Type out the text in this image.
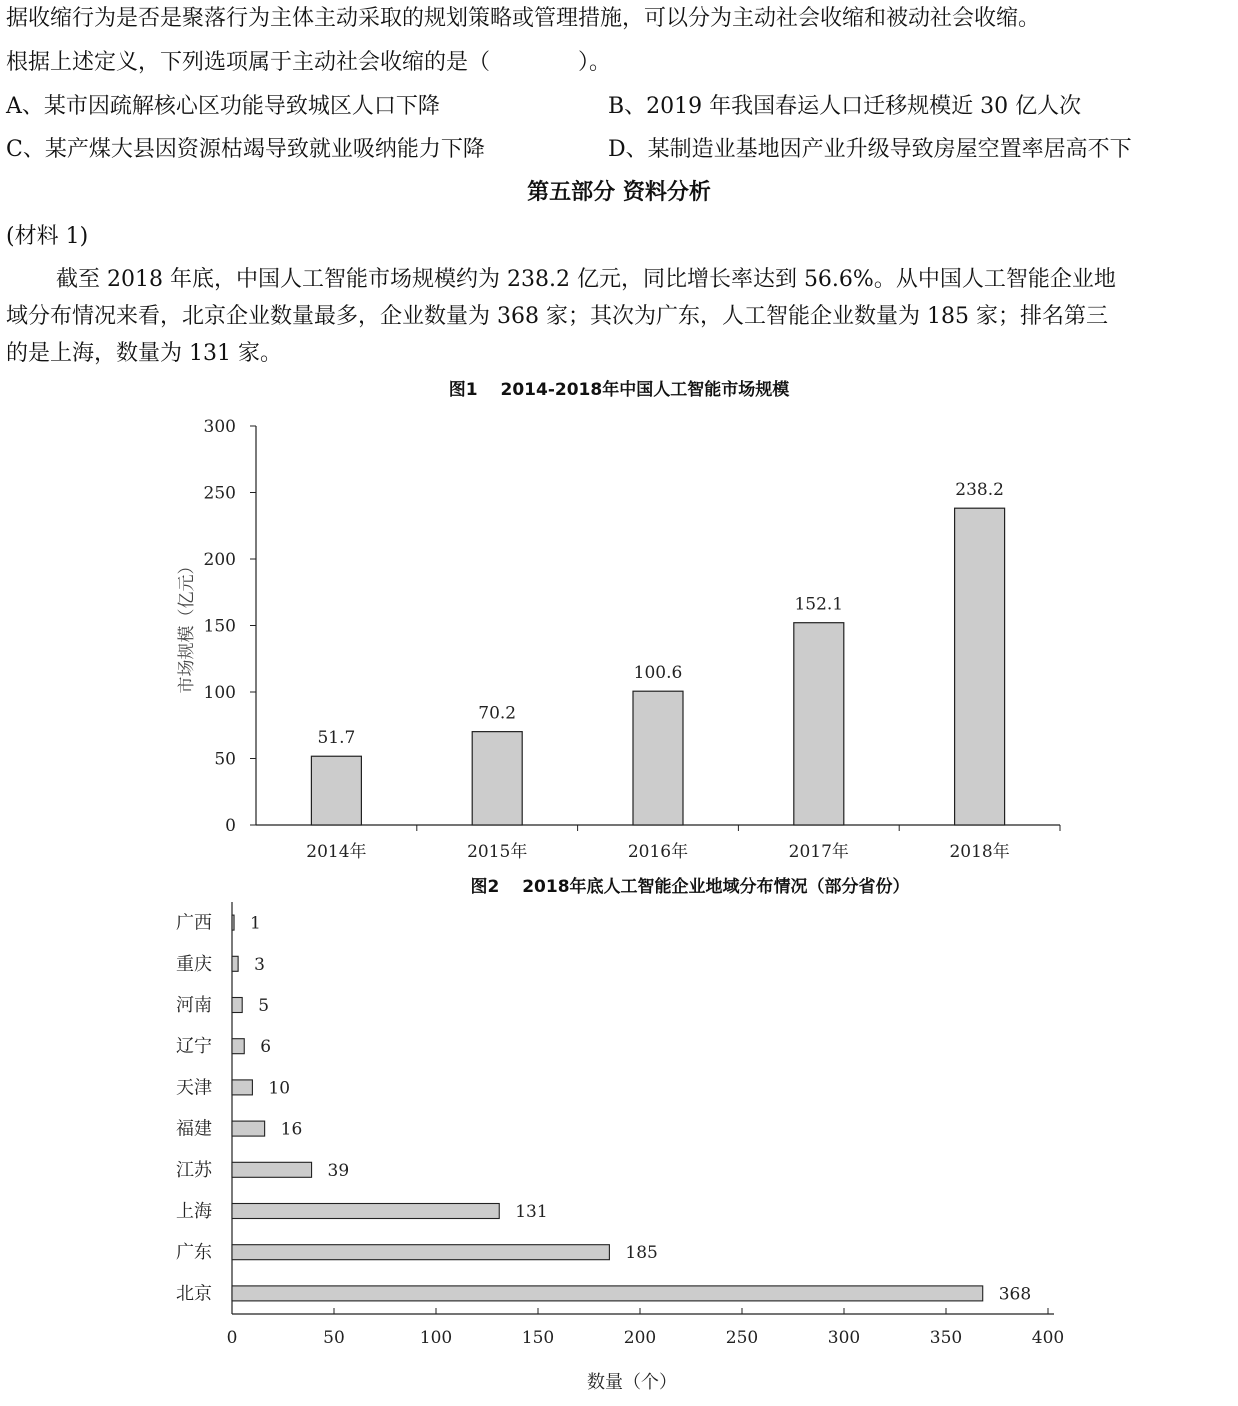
据收缩行为是否是聚落行为主体主动采取的规划策略或管理措施，可以分为主动社会收缩和被动社会收缩。
根据上述定义，下列选项属于主动社会收缩的是（　　　　）。
A、某市因疏解核心区功能导致城区人口下降	B、2019 年我国春运人口迁移规模近 30 亿人次
C、某产煤大县因资源枯竭导致就业吸纳能力下降	D、某制造业基地因产业升级导致房屋空置率居高不下
第五部分 资料分析
(材料 1)
截至 2018 年底，中国人工智能市场规模约为 238.2 亿元，同比增长率达到 56.6%。从中国人工智能企业地
域分布情况来看，北京企业数量最多，企业数量为 368 家；其次为广东，人工智能企业数量为 185 家；排名第三
的是上海，数量为 131 家。
图1　 2014-2018年中国人工智能市场规模
0
50
100
150
200
250
300
51.7
2014年
70.2
2015年
100.6
2016年
152.1
2017年
238.2
2018年
市场规模（亿元）
图2　 2018年底人工智能企业地域分布情况（部分省份）
0	50	100	150	200	250	300	350	400
广西 1
重庆 3
河南	5
辽宁	6
天津	10
福建	16
江苏	39
上海	131
广东	185
北京	368
数量（个）
